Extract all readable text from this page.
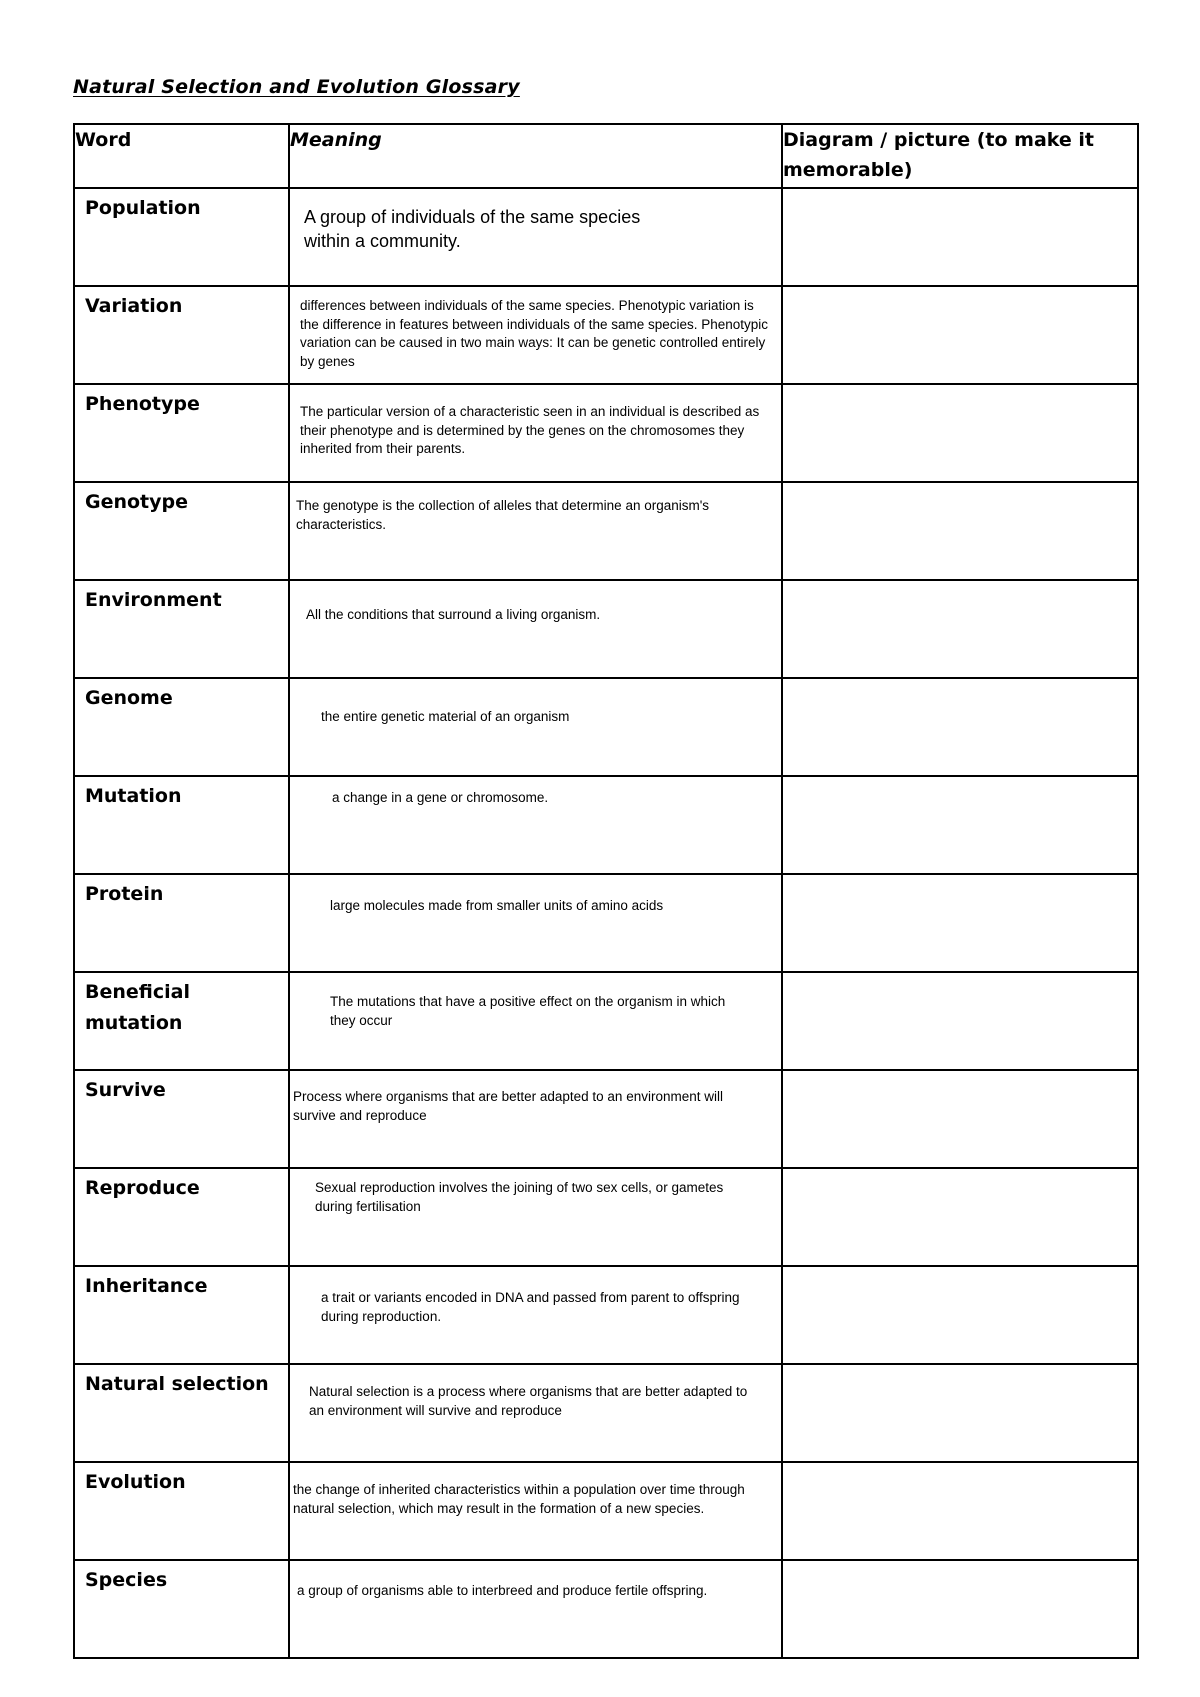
Natural Selection and Evolution Glossary
Word	Meaning	Diagram / picture (to make it memorable)
Population	A group of individuals of the same species within a community.	

Variation	differences between individuals of the same species. Phenotypic variation is the difference in features between individuals of the same species. Phenotypic variation can be caused in two main ways: It can be genetic controlled entirely by genes	

Phenotype	The particular version of a characteristic seen in an individual is described as their phenotype and is determined by the genes on the chromosomes they inherited from their parents.	

Genotype	The genotype is the collection of alleles that determine an organism's characteristics.	

Environment	All the conditions that surround a living organism.	

Genome	the entire genetic material of an organism	

Mutation	a change in a gene or chromosome.	

Protein	large molecules made from smaller units of amino acids	

Beneficial mutation	The mutations that have a positive effect on the organism in which they occur	

Survive	Process where organisms that are better adapted to an environment will survive and reproduce	

Reproduce	Sexual reproduction involves the joining of two sex cells, or gametes during fertilisation	

Inheritance	a trait or variants encoded in DNA and passed from parent to offspring during reproduction.	

Natural selection	Natural selection is a process where organisms that are better adapted to an environment will survive and reproduce	

Evolution	the change of inherited characteristics within a population over time through natural selection, which may result in the formation of a new species.	

Species	a group of organisms able to interbreed and produce fertile offspring.	
